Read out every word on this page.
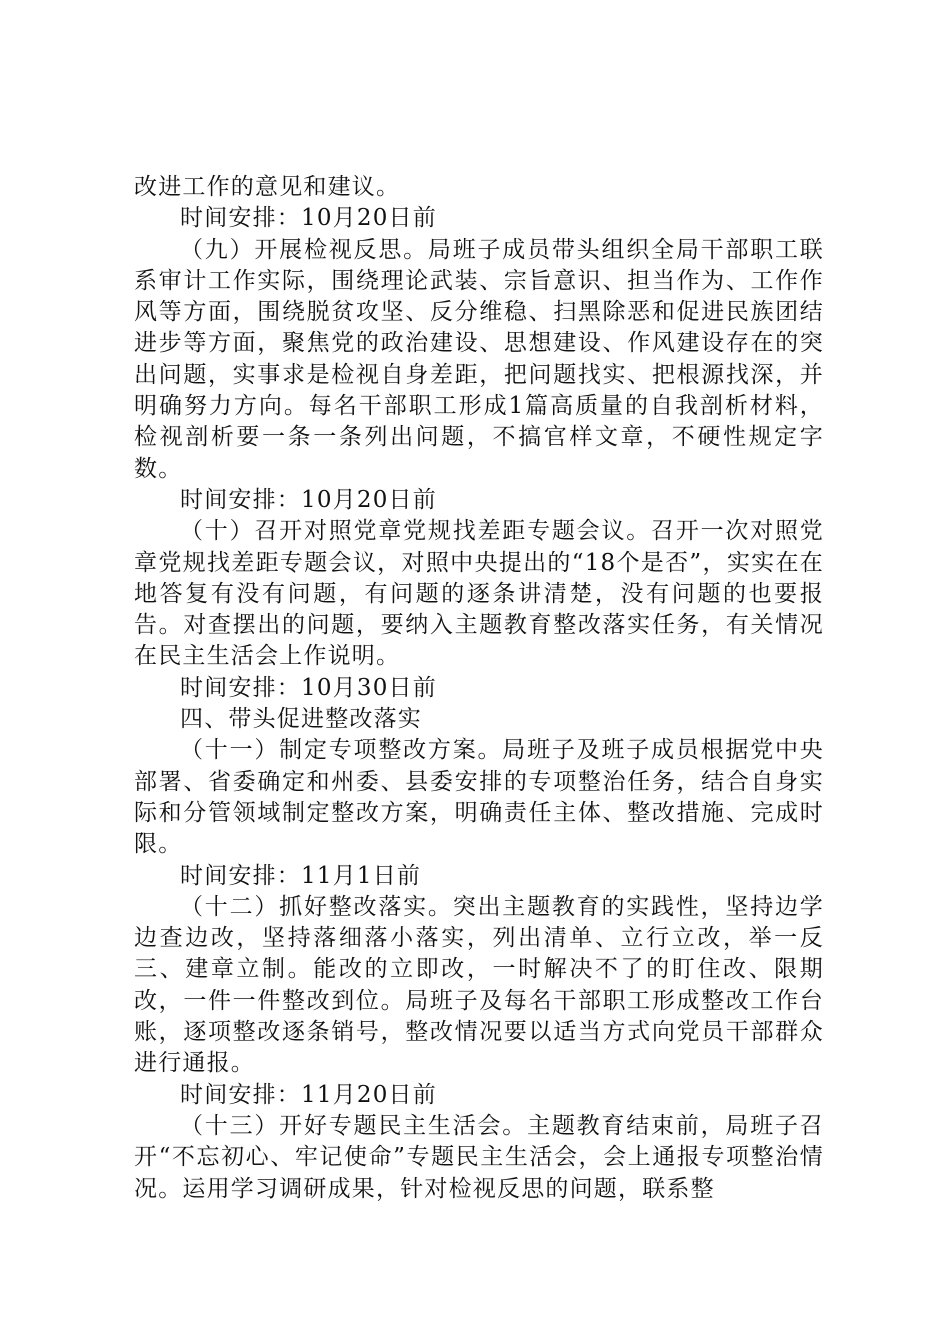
改进工作的意见和建议。

时间安排：10月20日前

（九）开展检视反思。局班子成员带头组织全局干部职工联系审计工作实际，围绕理论武装、宗旨意识、担当作为、工作作风等方面，围绕脱贫攻坚、反分维稳、扫黑除恶和促进民族团结进步等方面，聚焦党的政治建设、思想建设、作风建设存在的突出问题，实事求是检视自身差距，把问题找实、把根源找深，并明确努力方向。每名干部职工形成1篇高质量的自我剖析材料，检视剖析要一条一条列出问题，不搞官样文章，不硬性规定字数。

时间安排：10月20日前

（十）召开对照党章党规找差距专题会议。召开一次对照党章党规找差距专题会议，对照中央提出的“18个是否”，实实在在地答复有没有问题，有问题的逐条讲清楚，没有问题的也要报告。对查摆出的问题，要纳入主题教育整改落实任务，有关情况在民主生活会上作说明。

时间安排：10月30日前

四、带头促进整改落实

（十一）制定专项整改方案。局班子及班子成员根据党中央部署、省委确定和州委、县委安排的专项整治任务，结合自身实际和分管领域制定整改方案，明确责任主体、整改措施、完成时限。

时间安排：11月1日前

（十二）抓好整改落实。突出主题教育的实践性，坚持边学边查边改，坚持落细落小落实，列出清单、立行立改，举一反三、建章立制。能改的立即改，一时解决不了的盯住改、限期改，一件一件整改到位。局班子及每名干部职工形成整改工作台账，逐项整改逐条销号，整改情况要以适当方式向党员干部群众进行通报。

时间安排：11月20日前

（十三）开好专题民主生活会。主题教育结束前，局班子召开“不忘初心、牢记使命”专题民主生活会，会上通报专项整治情况。运用学习调研成果，针对检视反思的问题，联系整
